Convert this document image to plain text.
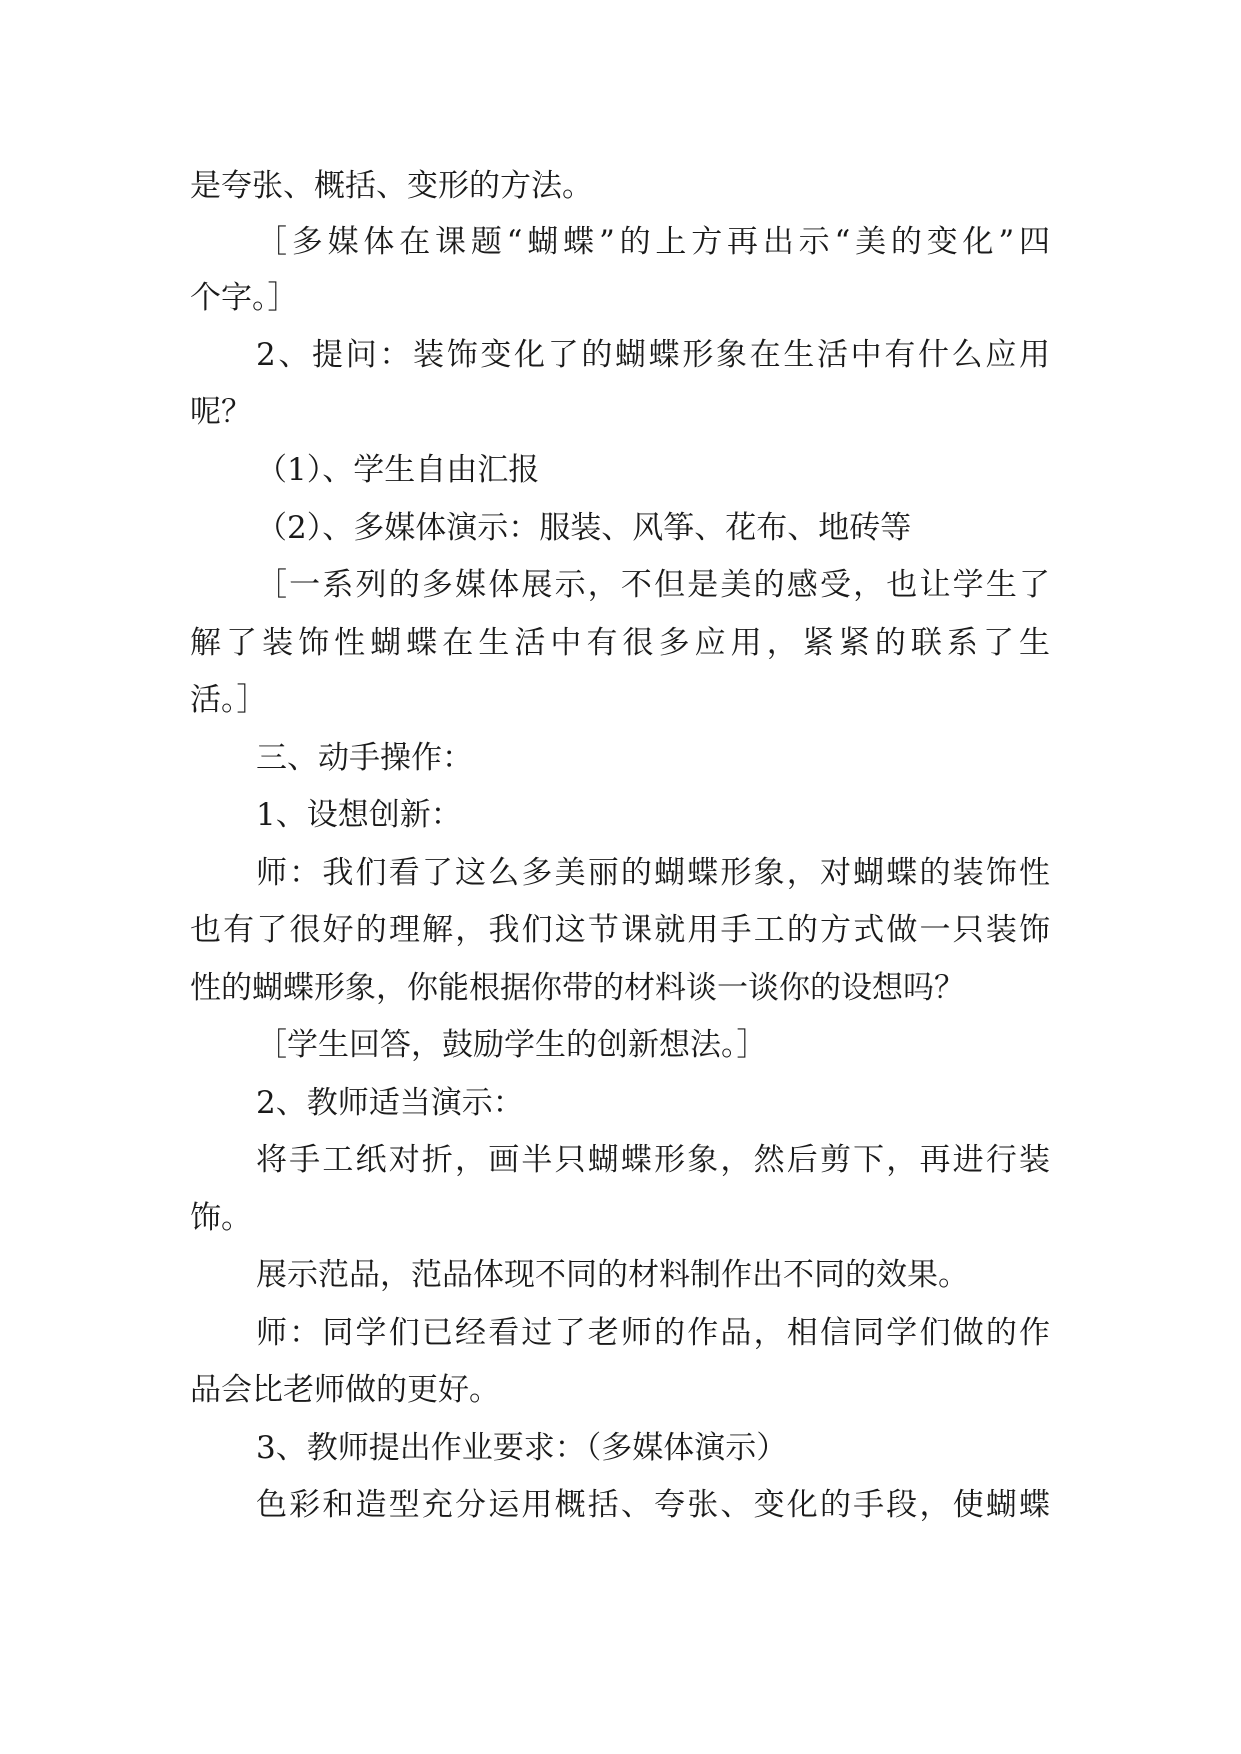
是夸张、概括、变形的方法。
［多媒体在课题“蝴蝶”的上方再出示“美的变化”四
个字。］
2、提问：装饰变化了的蝴蝶形象在生活中有什么应用
呢？
（1）、学生自由汇报
（2）、多媒体演示：服装、风筝、花布、地砖等
［一系列的多媒体展示，不但是美的感受，也让学生了
解了装饰性蝴蝶在生活中有很多应用，紧紧的联系了生
活。］
三、动手操作：
1、设想创新：
师：我们看了这么多美丽的蝴蝶形象，对蝴蝶的装饰性
也有了很好的理解，我们这节课就用手工的方式做一只装饰
性的蝴蝶形象，你能根据你带的材料谈一谈你的设想吗？
［学生回答，鼓励学生的创新想法。］
2、教师适当演示：
将手工纸对折，画半只蝴蝶形象，然后剪下，再进行装
饰。
展示范品，范品体现不同的材料制作出不同的效果。
师：同学们已经看过了老师的作品，相信同学们做的作
品会比老师做的更好。
3、教师提出作业要求：（多媒体演示）
色彩和造型充分运用概括、夸张、变化的手段，使蝴蝶
